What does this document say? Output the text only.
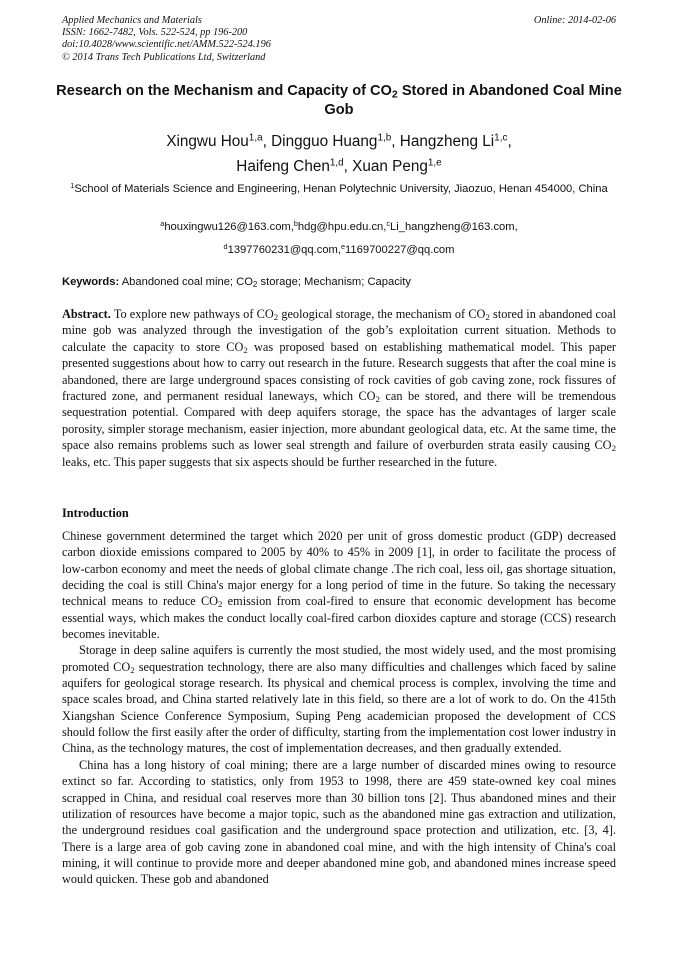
Applied Mechanics and Materials
ISSN: 1662-7482, Vols. 522-524, pp 196-200
doi:10.4028/www.scientific.net/AMM.522-524.196
© 2014 Trans Tech Publications Ltd, Switzerland
Online: 2014-02-06
Research on the Mechanism and Capacity of $CO_2$ Stored in Abandoned Coal Mine Gob
Xingwu Hou$^{1,a}$, Dingguo Huang$^{1,b}$, Hangzheng Li$^{1,c}$,
Haifeng Chen$^{1,d}$, Xuan Peng$^{1,e}$
$^1$School of Materials Science and Engineering, Henan Polytechnic University, Jiaozuo, Henan 454000, China
$^a$houxingwu126@163.com,$^b$hdg@hpu.edu.cn,$^c$Li_hangzheng@163.com,
$^d$1397760231@qq.com,$^e$1169700227@qq.com
Keywords: Abandoned coal mine; $CO_2$ storage; Mechanism; Capacity
Abstract. To explore new pathways of $CO_2$ geological storage, the mechanism of $CO_2$ stored in abandoned coal mine gob was analyzed through the investigation of the gob’s exploitation current situation. Methods to calculate the capacity to store $CO_2$ was proposed based on establishing mathematical model. This paper presented suggestions about how to carry out research in the future. Research suggests that after the coal mine is abandoned, there are large underground spaces consisting of rock cavities of gob caving zone, rock fissures of fractured zone, and permanent residual laneways, which $CO_2$ can be stored, and there will be tremendous sequestration potential. Compared with deep aquifers storage, the space has the advantages of larger scale porosity, simpler storage mechanism, easier injection, more abundant geological data, etc. At the same time, the space also remains problems such as lower seal strength and failure of overburden strata easily causing $CO_2$ leaks, etc. This paper suggests that six aspects should be further researched in the future.
Introduction

Chinese government determined the target which 2020 per unit of gross domestic product (GDP) decreased carbon dioxide emissions compared to 2005 by 40% to 45% in 2009 [1], in order to facilitate the process of low-carbon economy and meet the needs of global climate change .The rich coal, less oil, gas shortage situation, deciding the coal is still China's major energy for a long period of time in the future. So taking the necessary technical means to reduce $CO_2$ emission from coal-fired to ensure that economic development has become essential ways, which makes the conduct locally coal-fired carbon dioxides capture and storage (CCS) research becomes inevitable.

Storage in deep saline aquifers is currently the most studied, the most widely used, and the most promising promoted $CO_2$ sequestration technology, there are also many difficulties and challenges which faced by saline aquifers for geological storage research. Its physical and chemical process is complex, involving the time and space scales broad, and China started relatively late in this field, so there are a lot of work to do. On the 415th Xiangshan Science Conference Symposium, Suping Peng academician proposed the development of CCS should follow the first easily after the order of difficulty, starting from the implementation cost lower industry in China, as the technology matures, the cost of implementation decreases, and then gradually extended.

China has a long history of coal mining; there are a large number of discarded mines owing to resource extinct so far. According to statistics, only from 1953 to 1998, there are 459 state-owned key coal mines scrapped in China, and residual coal reserves more than 30 billion tons [2]. Thus abandoned mines and their utilization of resources have become a major topic, such as the abandoned mine gas extraction and utilization, the underground residues coal gasification and the underground space protection and utilization, etc. [3, 4]. There is a large area of gob caving zone in abandoned coal mine, and with the high intensity of China's coal mining, it will continue to provide more and deeper abandoned mine gob, and abandoned mines increase speed would quicken. These gob and abandoned
